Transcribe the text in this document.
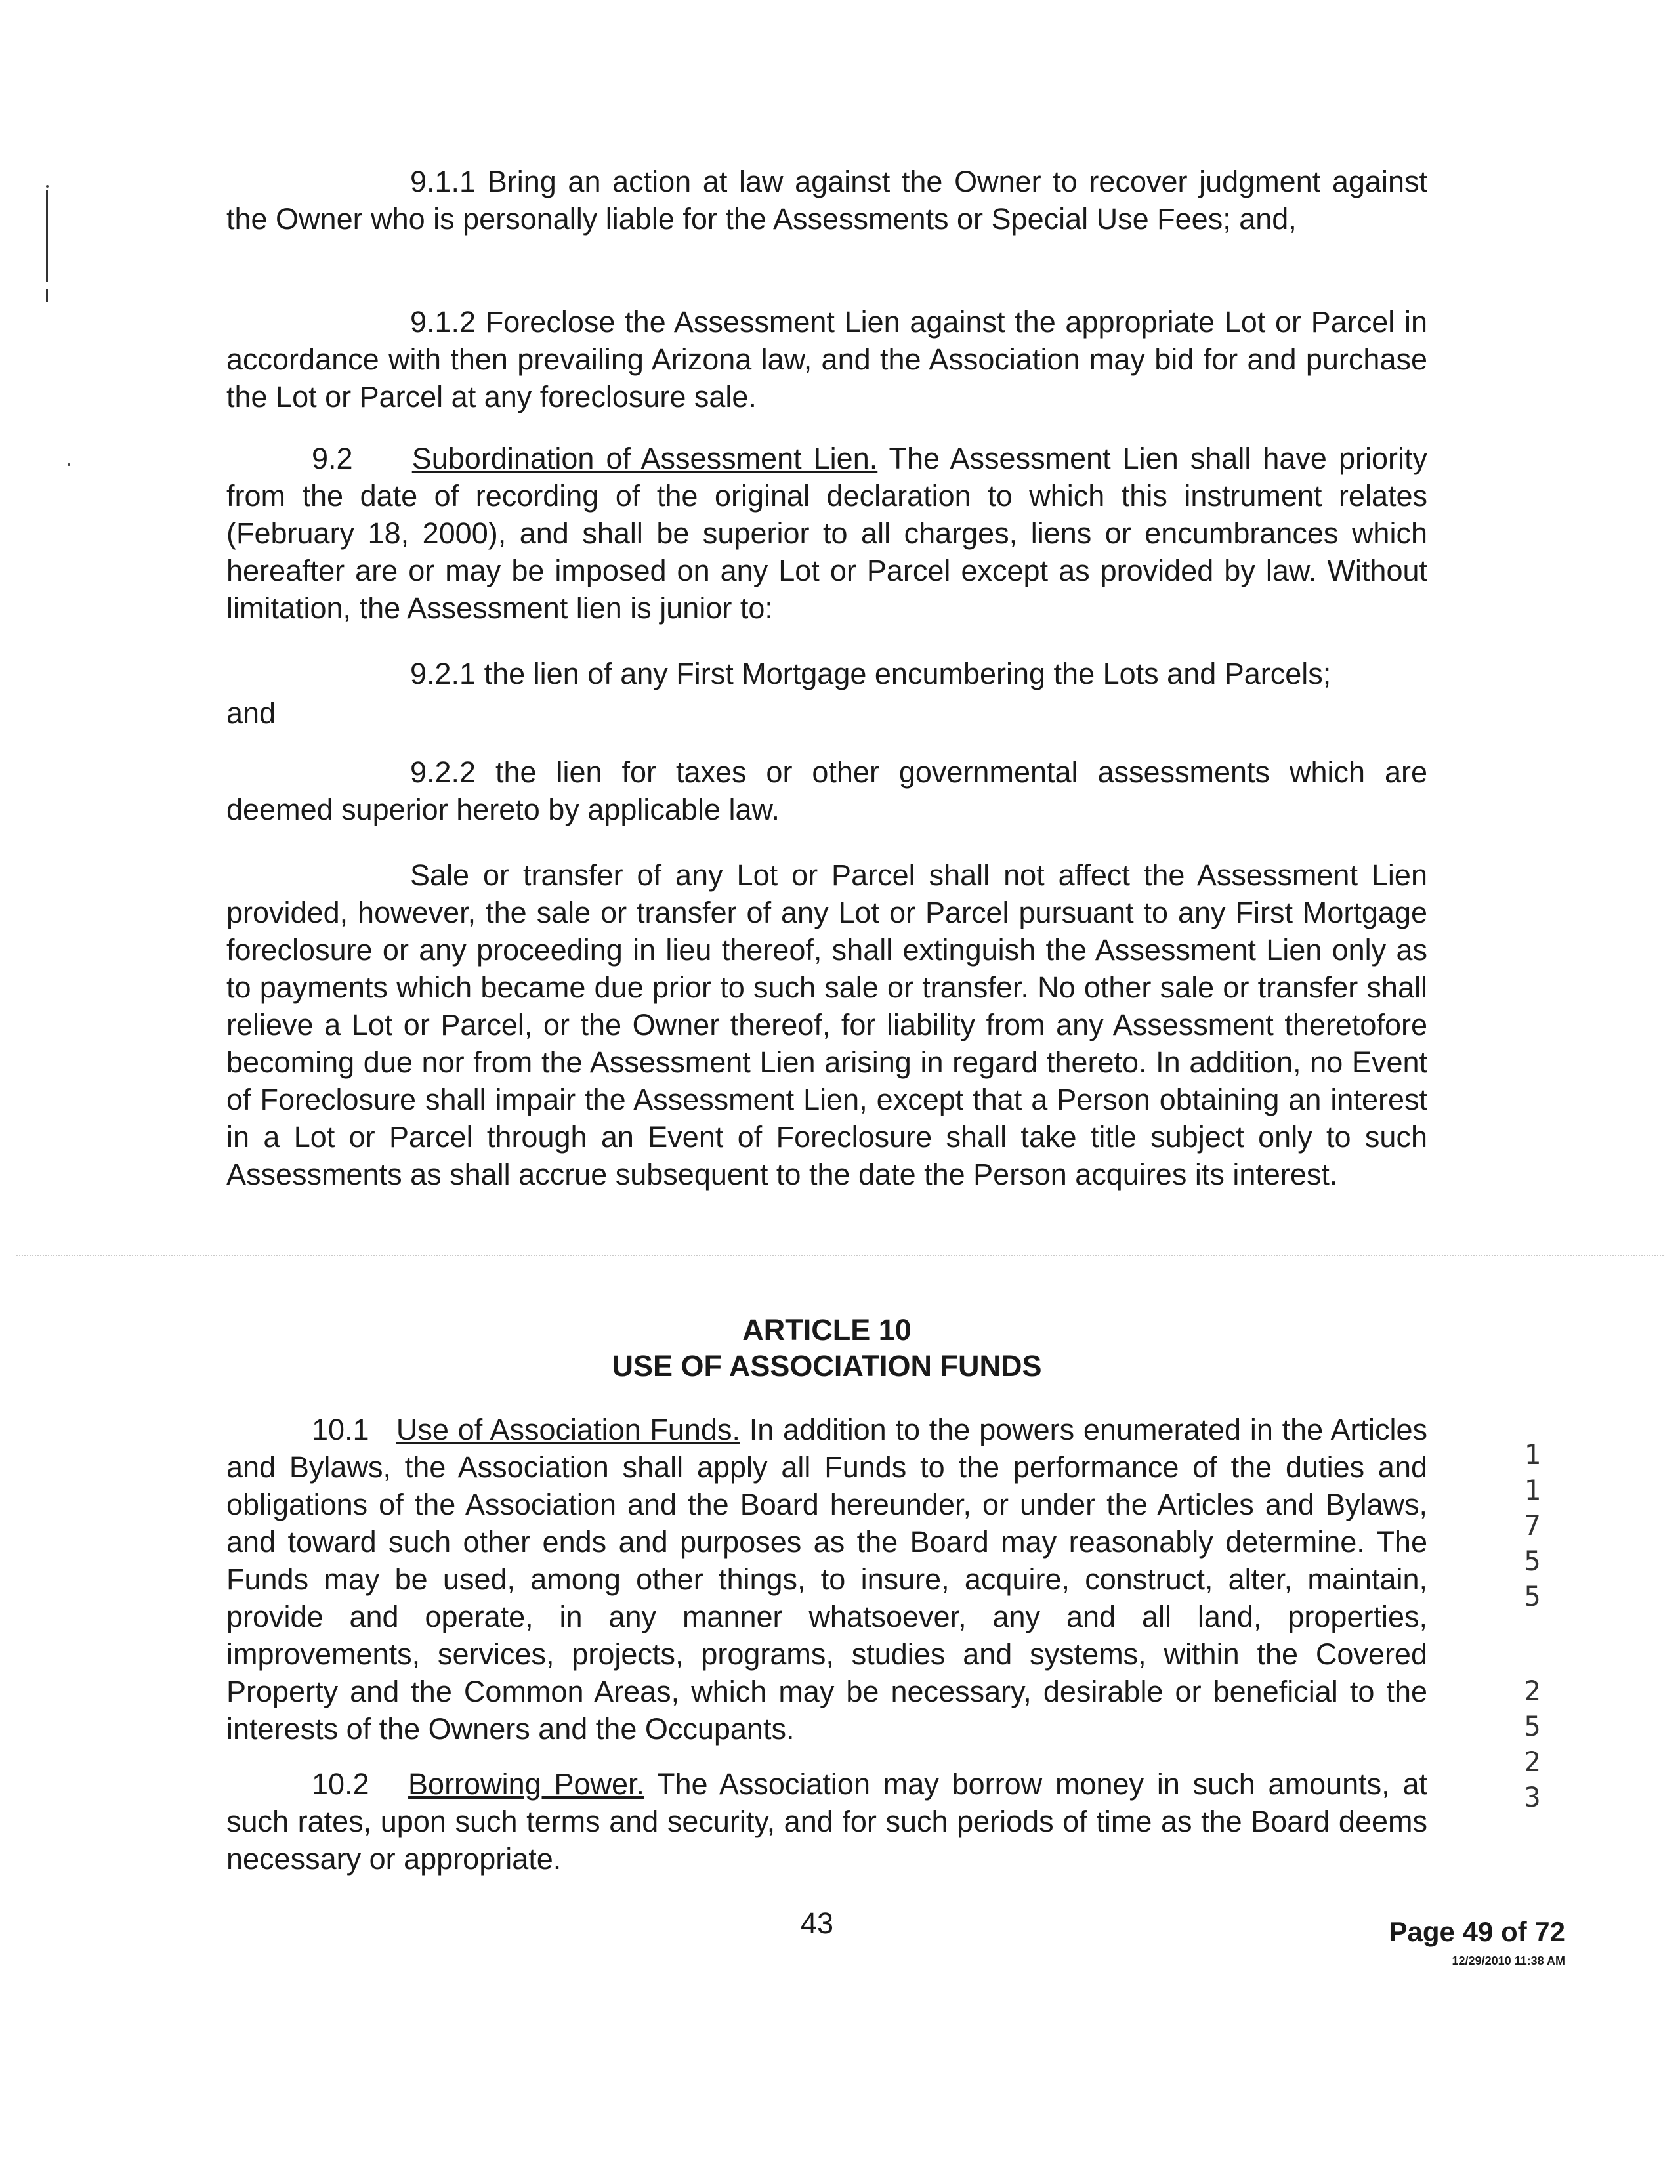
9.1.1 Bring an action at law against the Owner to recover judgment against the Owner who is personally liable for the Assessments or Special Use Fees; and,
9.1.2 Foreclose the Assessment Lien against the appropriate Lot or Parcel in accordance with then prevailing Arizona law, and the Association may bid for and purchase the Lot or Parcel at any foreclosure sale.
9.2 Subordination of Assessment Lien. The Assessment Lien shall have priority from the date of recording of the original declaration to which this instrument relates (February 18, 2000), and shall be superior to all charges, liens or encumbrances which hereafter are or may be imposed on any Lot or Parcel except as provided by law. Without limitation, the Assessment lien is junior to:
9.2.1 the lien of any First Mortgage encumbering the Lots and Parcels;
and
9.2.2 the lien for taxes or other governmental assessments which are deemed superior hereto by applicable law.
Sale or transfer of any Lot or Parcel shall not affect the Assessment Lien provided, however, the sale or transfer of any Lot or Parcel pursuant to any First Mortgage foreclosure or any proceeding in lieu thereof, shall extinguish the Assessment Lien only as to payments which became due prior to such sale or transfer. No other sale or transfer shall relieve a Lot or Parcel, or the Owner thereof, for liability from any Assessment theretofore becoming due nor from the Assessment Lien arising in regard thereto. In addition, no Event of Foreclosure shall impair the Assessment Lien, except that a Person obtaining an interest in a Lot or Parcel through an Event of Foreclosure shall take title subject only to such Assessments as shall accrue subsequent to the date the Person acquires its interest.
ARTICLE 10
USE OF ASSOCIATION FUNDS
10.1 Use of Association Funds. In addition to the powers enumerated in the Articles and Bylaws, the Association shall apply all Funds to the performance of the duties and obligations of the Association and the Board hereunder, or under the Articles and Bylaws, and toward such other ends and purposes as the Board may reasonably determine. The Funds may be used, among other things, to insure, acquire, construct, alter, maintain, provide and operate, in any manner whatsoever, any and all land, properties, improvements, services, projects, programs, studies and systems, within the Covered Property and the Common Areas, which may be necessary, desirable or beneficial to the interests of the Owners and the Occupants.
10.2 Borrowing Power. The Association may borrow money in such amounts, at such rates, upon such terms and security, and for such periods of time as the Board deems necessary or appropriate.
1
1
7
5
5
2
5
2
3
43	Page 49 of 72
12/29/2010 11:38 AM
